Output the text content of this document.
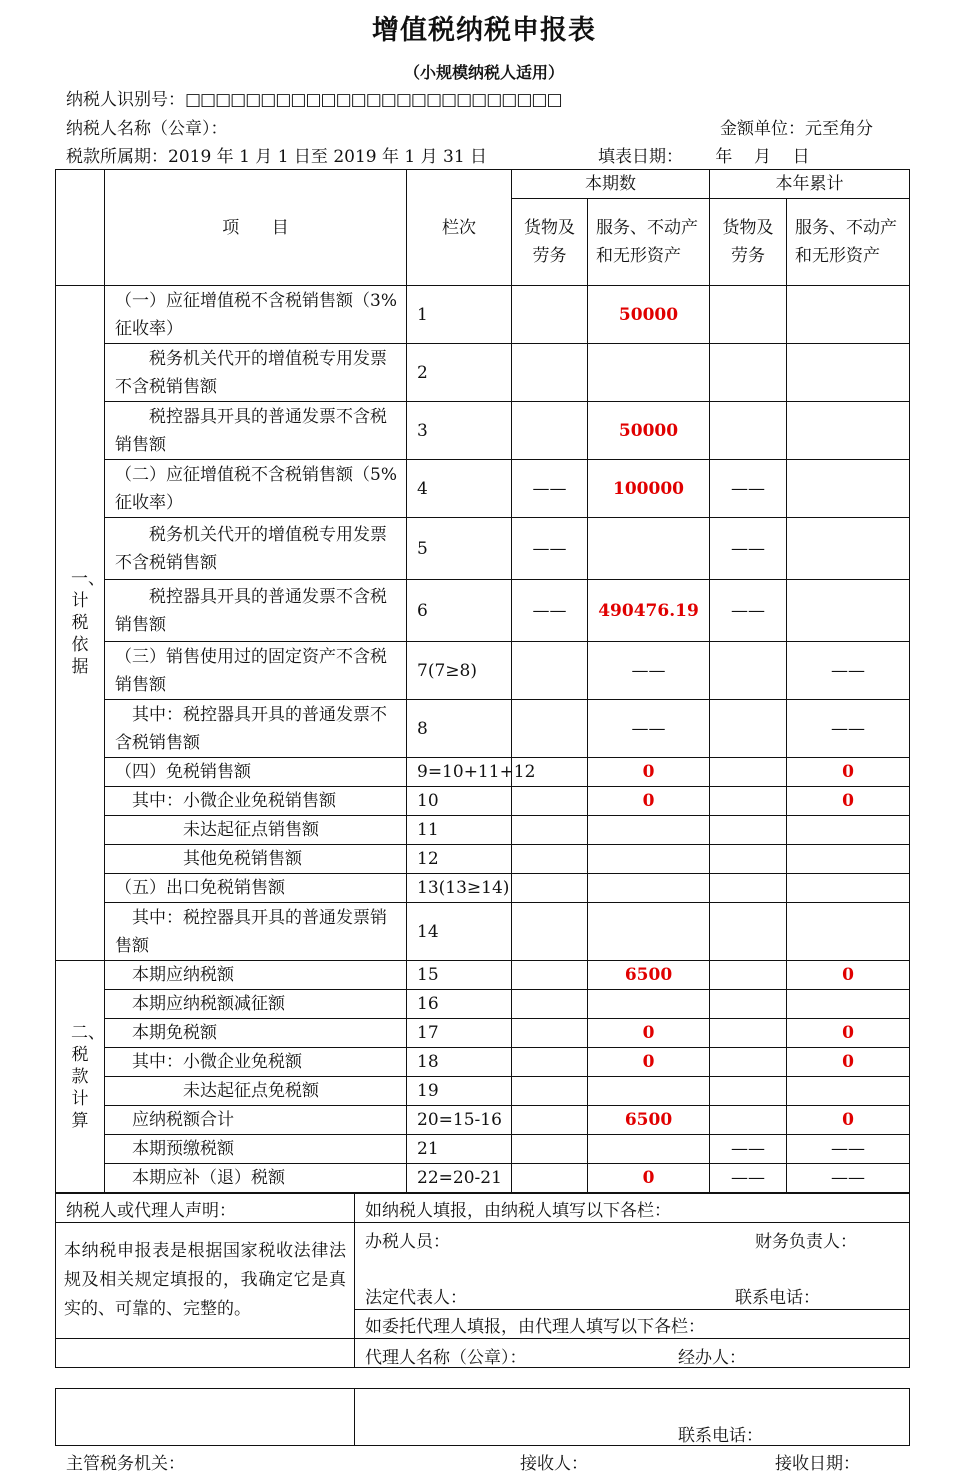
增值税纳税申报表
（小规模纳税人适用）
纳税人识别号：□□□□□□□□□□□□□□□□□□□□□□□□□
纳税人名称（公章）：	金额单位：元至角分
税款所属期：2019 年 1 月 1 日至 2019 年 1 月 31 日	填表日期：      年    月    日
	项      目	栏次	本期数		本年累计	
			货物及劳务	服务、不动产和无形资产	货物及劳务	服务、不动产和无形资产
一、计税依据	（一）应征增值税不含税销售额（3%征收率）	1		50000		
	　　税务机关代开的增值税专用发票不含税销售额	2				
	　　税控器具开具的普通发票不含税销售额	3		50000		
	（二）应征增值税不含税销售额（5%征收率）	4	——	100000	——	
	　　税务机关代开的增值税专用发票不含税销售额	5	——		——	
	　　税控器具开具的普通发票不含税销售额	6	——	490476.19	——	
	（三）销售使用过的固定资产不含税销售额	7(7≥8)		——		——
	　其中：税控器具开具的普通发票不含税销售额	8		——		——
	（四）免税销售额	9=10+11+12		0		0
	　其中：小微企业免税销售额	10		0		0
	　　　　未达起征点销售额	11				
	　　　　其他免税销售额	12				
	（五）出口免税销售额	13(13≥14)				
	　其中：税控器具开具的普通发票销售额	14				
二、税款计算	　本期应纳税额	15		6500		0
	　本期应纳税额减征额	16				
	　本期免税额	17		0		0
	　其中：小微企业免税额	18		0		0
	　　　　未达起征点免税额	19				
	　应纳税额合计	20=15-16		6500		0
	　本期预缴税额	21			——	——
	　本期应补（退）税额	22=20-21		0	——	——
纳税人或代理人声明：	如纳税人填报，由纳税人填写以下各栏：
本纳税申报表是根据国家税收法律法规及相关规定填报的，我确定它是真实的、可靠的、完整的。	办税人员： 财务负责人：
法定代表人： 联系电话：

	如委托代理人填报，由代理人填写以下各栏：

	代理人名称（公章）： 经办人：

联系电话：
主管税务机关：	接收人：	接收日期：
